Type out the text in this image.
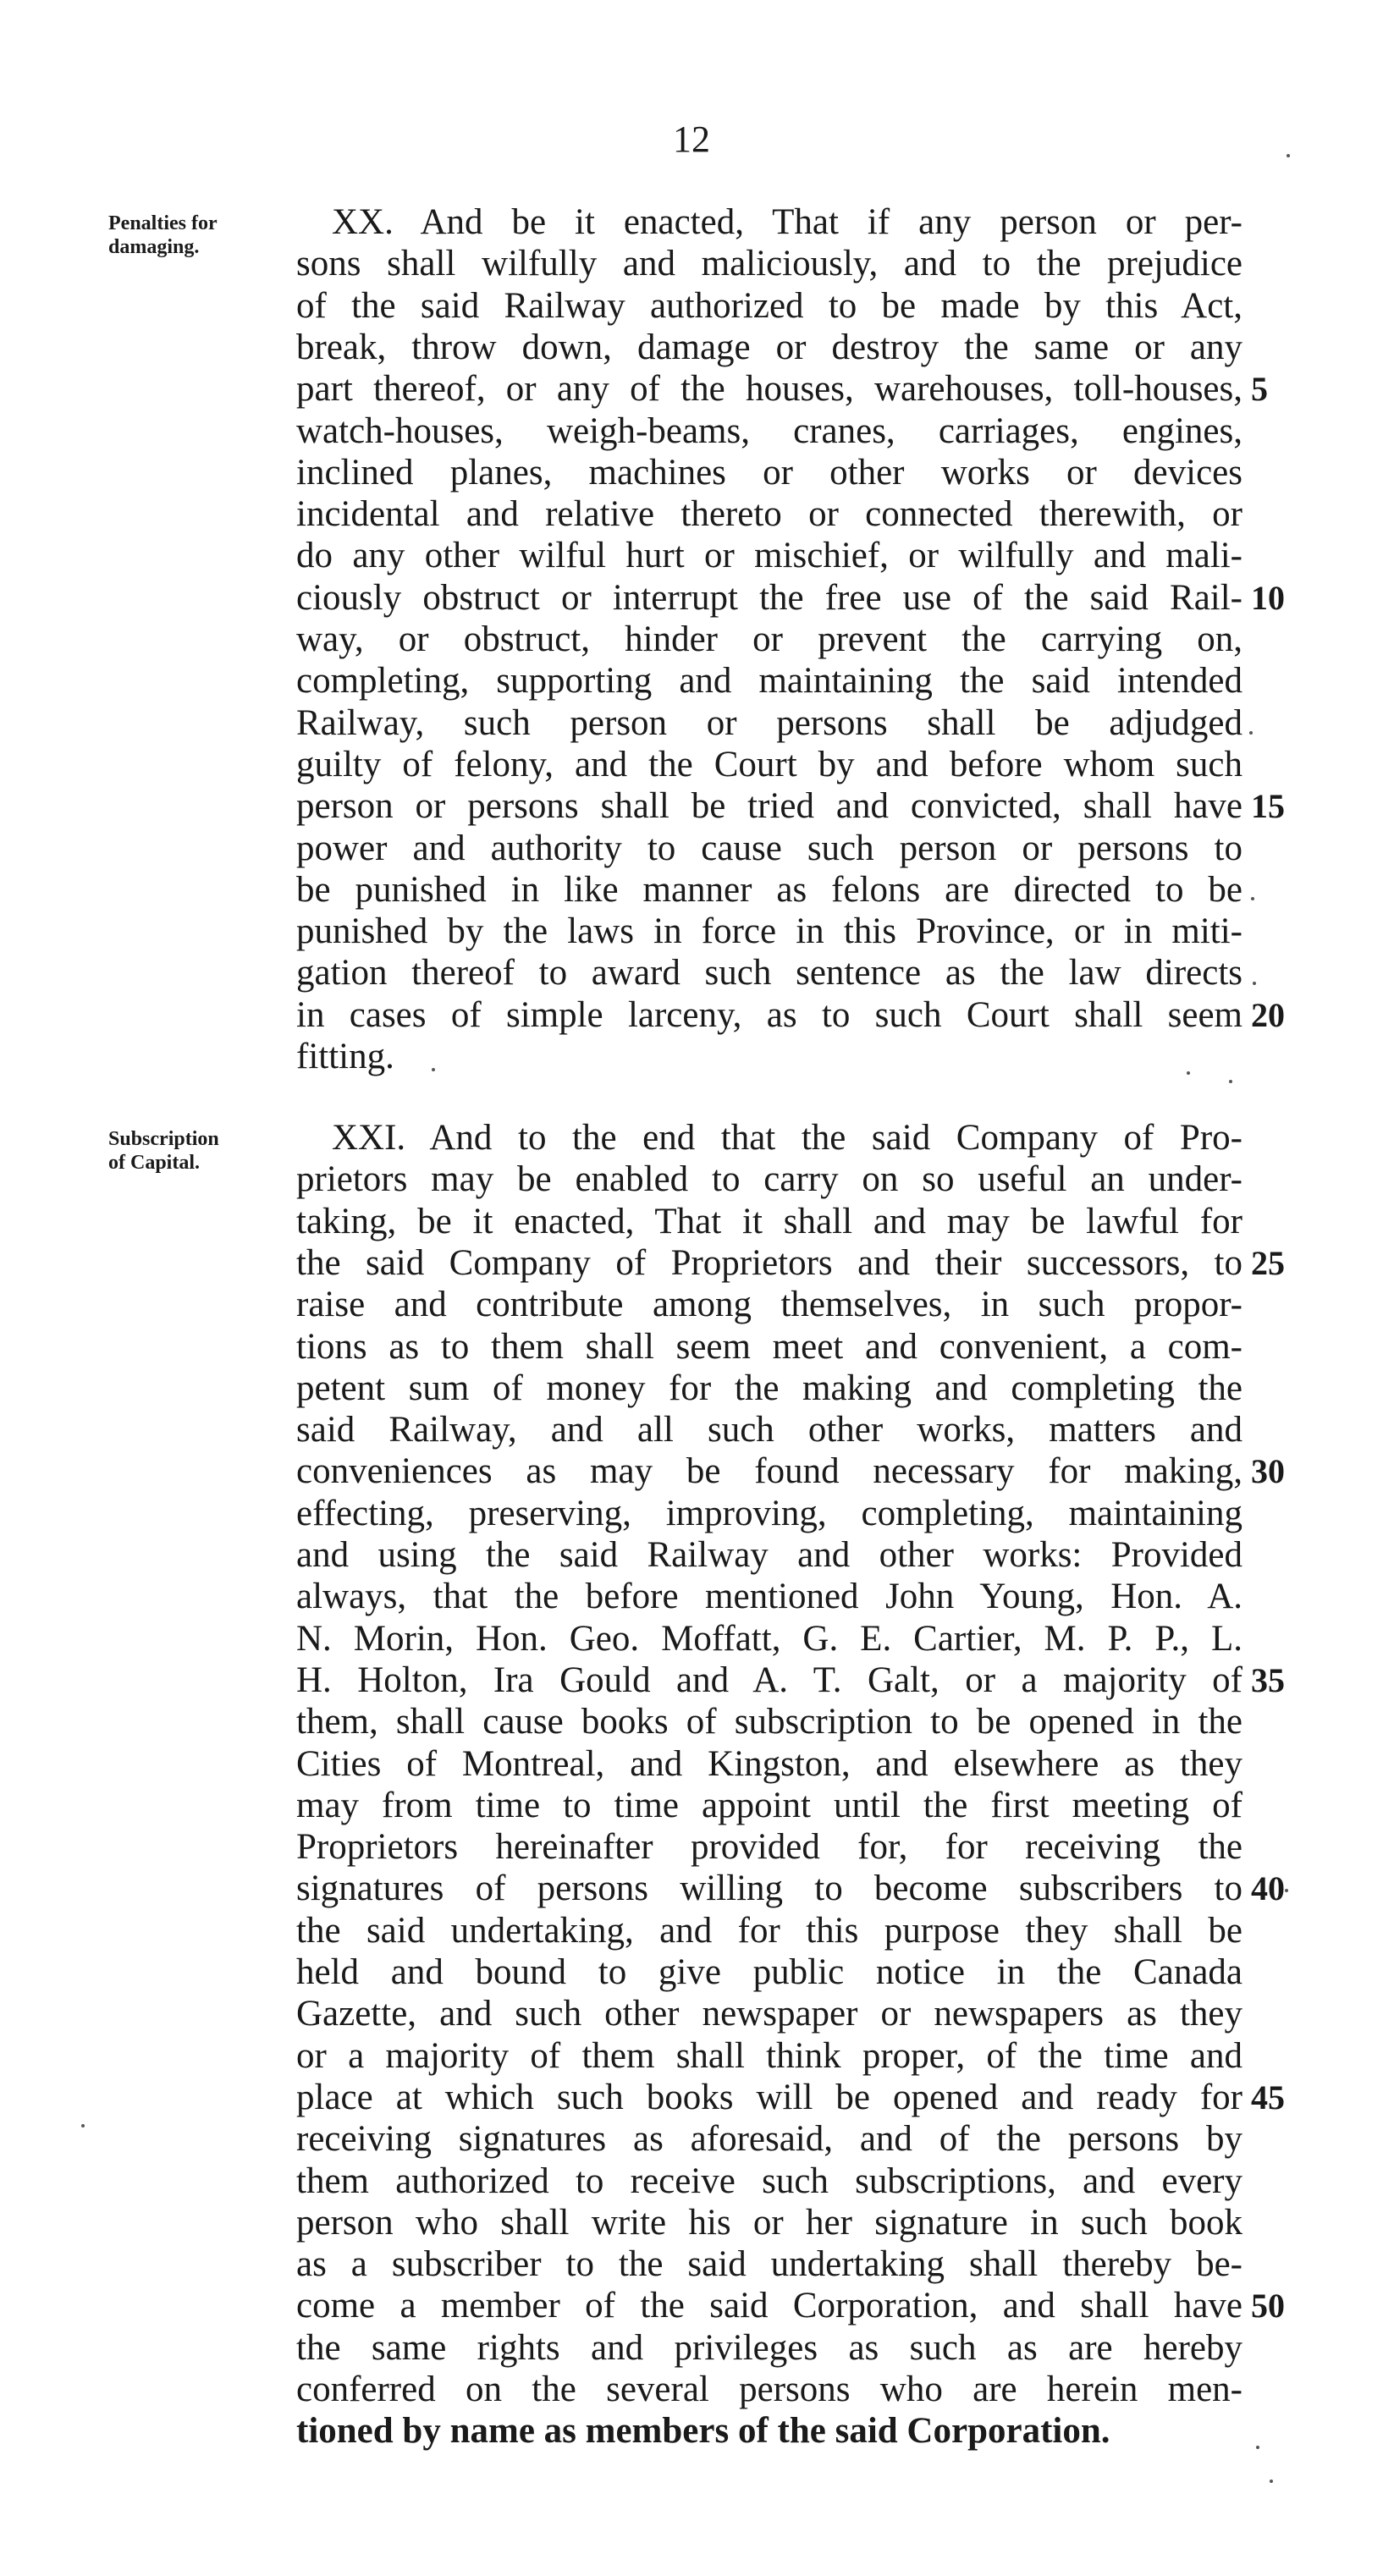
12
Penalties for
damaging.
XX. And be it enacted, That if any person or per-
sons shall wilfully and maliciously, and to the prejudice
of the said Railway authorized to be made by this Act,
break, throw down, damage or destroy the same or any
part thereof, or any of the houses, warehouses, toll-houses,
watch-houses, weigh-beams, cranes, carriages, engines,
inclined planes, machines or other works or devices
incidental and relative thereto or connected therewith, or
do any other wilful hurt or mischief, or wilfully and mali-
ciously obstruct or interrupt the free use of the said Rail-
way, or obstruct, hinder or prevent the carrying on,
completing, supporting and maintaining the said intended
Railway, such person or persons shall be adjudged
guilty of felony, and the Court by and before whom such
person or persons shall be tried and convicted, shall have
power and authority to cause such person or persons to
be punished in like manner as felons are directed to be
punished by the laws in force in this Province, or in miti-
gation thereof to award such sentence as the law directs
in cases of simple larceny, as to such Court shall seem
fitting.
5
10
15
20
Subscription
of Capital.
XXI. And to the end that the said Company of Pro-
prietors may be enabled to carry on so useful an under-
taking, be it enacted, That it shall and may be lawful for
the said Company of Proprietors and their successors, to
raise and contribute among themselves, in such propor-
tions as to them shall seem meet and convenient, a com-
petent sum of money for the making and completing the
said Railway, and all such other works, matters and
conveniences as may be found necessary for making,
effecting, preserving, improving, completing, maintaining
and using the said Railway and other works: Provided
always, that the before mentioned John Young, Hon. A.
N. Morin, Hon. Geo. Moffatt, G. E. Cartier, M. P. P., L.
H. Holton, Ira Gould and A. T. Galt, or a majority of
them, shall cause books of subscription to be opened in the
Cities of Montreal, and Kingston, and elsewhere as they
may from time to time appoint until the first meeting of
Proprietors hereinafter provided for, for receiving the
signatures of persons willing to become subscribers to
the said undertaking, and for this purpose they shall be
held and bound to give public notice in the Canada
Gazette, and such other newspaper or newspapers as they
or a majority of them shall think proper, of the time and
place at which such books will be opened and ready for
receiving signatures as aforesaid, and of the persons by
them authorized to receive such subscriptions, and every
person who shall write his or her signature in such book
as a subscriber to the said undertaking shall thereby be-
come a member of the said Corporation, and shall have
the same rights and privileges as such as are hereby
conferred on the several persons who are herein men-
tioned by name as members of the said Corporation.
25
30
35
40
45
50
